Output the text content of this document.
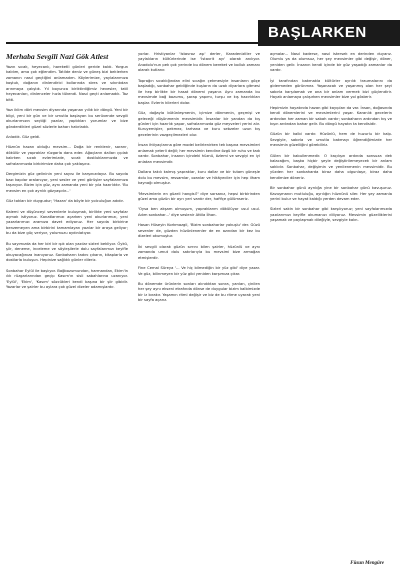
BAŞLARKEN
Merhaba Sevgili Nazi Gök Atlest

Yazın sıcak, heyecanlı, hareketli günleri geride kaldı. Yorgun kaldım, ama çok eğlendim. Tatilde deniz ve güneş bizi beklerken zamanın nasıl geçtiğini anlamadım. Köylerimize, yaylalarımıza koştuk, doğanın dinlendirici kollarında stres ve sıkıntıdan arınmaya çalıştık. Yıl boyunca biriktirdiğimiz hevesler, tatil heyecanları, dinlenceler hızla tükendi. Nasıl geçti anlamadık. Taz bitti.

Yazı iklim dört mevsim diyarında yaşanan yıllık bir döngü. Yeni bir bilgi, yeni bir gün ve bir umutla başlayan bu serüvende sevgili okurlarımızın seçtiği yazılar, yaptıkları yorumlar ve bize gönderdikleri güzel sözlerle baharı hatırladık.

Anladık. Güz geldi.

Hüznün hazan olduğu mevsim... Doğa bir renklenir, sararır, dökülür ve yapraklar rüzgarla dans eder. Ağaçların dalları çıplak kalırken sıcak evlerimizde, sıcak dostluklarımızda ve sofralarımızda birbirimize daha çok yaklaşırız.

Dergimizin güz gelininin yeni sayısı ile karşınızdayız. Bu sayıda bazı kapılar aralanıyor, yeni sesler ve yeni görüşler sayfalarımıza taşınıyor. Bizim için güz, aynı zamanda yeni bir yıla hazırlıktır. 'Bu mevsim en çok ayrılık gözyaşıdır...'

Güz tokları bir duygudur; 'Hazan' da böyle bir yolculuğun adıdır.

Kalemi ve düşünceyi sevenlerle buluşmak, birlikte yeni sayfalar açmak istiyoruz. Kanatlarımızı açarken yeni okurlarımızı, yeni yazarlarımızı aramıza davet ediyoruz. Her sayıda birbirine benzemeyen ama birbirini tamamlayan yazılar bir araya geliyor; bu da bize güç veriyor, yolumuzu aydınlatıyor.

Bu sayımızda da her biri bir ışık olan yazılar sizleri bekliyor. Öykü, şiir, deneme, inceleme ve söyleşilerle dolu sayfalarımızı keyifle okuyacağınıza inanıyoruz. Sonbaharın tadını çıkarın, kitaplarla ve dostlarla buluşun. Hepinize sağlıklı günler dileriz.

Sonbahar Eylül ile başlıyor. Bağbozumundan, harmandan, Ekim'in ılık rüzgarlarından geçip Kasım'ın sisli sabahlarına uzanıyor. 'Eylül', 'Ekim', 'Kasım' sözcükleri kendi başına bir şiir gibidir. Yazarlar ve şairler bu aylara çok güzel dizeler adamışlardır.

yorlar. Hristiyanlar 'İstavroz aşı' derler, Karadenizliler ve yaylalıların kültürlerinde ise 'İstavrit ayı' olarak anılıyor. Anadolu'nun pek çok yerinde bu dönem bereket ve bolluk zamanı olarak kutlanır.

Toprağın sıcaklığından elini sıcağın çekmesiyle insanların göçe başladığı, sonbahar geldiğinde kuşların da uzak diyarlara gitmesi ile hep birlikte bir hasat dönemi yaşanır. Aynı zamanda bu mevsimde bağ bozumu, şarap yapımı, turşu ve kış hazırlıkları başlar. Evlerin kilerleri dolar.

Güz, doğayla bütünleşmenin, içimize dönmenin, geçmişi ve geleceği düşünmenin mevsimidir. İnsanlar bir yandan da kış günleri için hazırlık yapar, sofralarımızda güz meyveleri yerini alır. Kuruyemişler, pekmez, tarhana ve kuru sebzeler uzun kış gecelerinin vazgeçilmezleri olur.

İnsan ihtiyaçlarına göre model belirlenirken tek başına mevsimleri anlamak yeterli değil; her mevsimin kendine özgü bir ruhu ve tadı vardır. Sonbahar, insanın içindeki hüznü, özlemi ve sevgiyi en iyi anlatan mevsimdir.

Dallara takılı kalmış yapraklar, kuru dallar ve bir tutam güneşle dolu bu mevsim, ressamlar, ozanlar ve hikâyeciler için hep ilham kaynağı olmuştur.

'Mevsimlerin en güzeli hangisi?' diye sorsanız, hepsi birbirinden güzel ama güzün bir ayrı yeri vardır der, hafifçe gülümseriz.

'Oysa ben akşam olmuşum, yapraklarım dökülüyor usul usul. Adım sonbahar...' diye seslenir Attila İlhan.

Hasan Hüseyin Korkmazgil, 'Bizim sonbaharlar yokuşlu' der. Güzü sevenler de, güzden hüzünlenenler de en azından bir kez bu dizeleri okumuştur.

İki sevgili olarak güzün sırrını bilen şairler, hüzünlü ve aynı zamanda umut dolu satırlarıyla bu mevsimi bize armağan etmişlerdir.

Fine Cemal Süreya '... Ve hiç bilmediğin bir yüz gibi' diye yazar. Ve güz, bilinmeyen bir yüz gibi yeniden karşımıza çıkar.

Bu dönemde ürünlerin sonları alındıktan sonra, yarılan, çinilen her şey aynı ekseni etrafında dönse de duygular bizim kalbimizde bir iz bırakır. Yaşamın ritmi değişir ve biz de bu ritme uyarak yeni bir sayfa açarız.

açmalar... Nasıl kaderse, nasıl istersek en derinden duyarız. Olumlu ya da olumsuz, her şey mevsimler gibi değişir, döner, yeniden gelir. İnsanın kendi içinde bir güz yaşadığı zamanlar da vardır.

İyi tarafından bakmakla kültürler ayrılık traumalarını da gidermeden görünmez. Yaşanacak ve yaşanmış olan her şeyi sabırla karşılamak ve ona bir anlam vermek bizi güçlendirir. Hayatı anlamaya çalışırken mevsimler bize yol gösterir.

Hepimizin hayatında hazan gibi kayıpları da var. İnsan, doğasında kendi dönemlerini ve mevsimlerini yaşar. Karanlık gecelerin ardından her zaman bir sabah vardır; sonbaharın ardından kış ve kışın ardından bahar gelir. Bu döngü hayatın ta kendisidir.

Güzün bir kalbi vardır. Hüzünlü, hem de huzurlu bir kalp. Sevgiyle, sabırla ve umutla bakmayı öğrendiğimizde her mevsimin güzelliğini görebiliriz.

Gülen bir kabullenmedir. O kaçılışın ardında sonsuza dek kalacağım, başka hiçbir şeyle değiştirilemeyecek bir anlam saklıdır. Sonbahar, değişimin ve yenilenmenin mevsimidir. Bu yüzden her sonbaharda biraz daha olgunlaşır, biraz daha kendimize döneriz.

Bir sonbahar günü ayrılığa yine bir sonbahar günü kavuşuruz. Kavuşmanın mutluluğu, ayrılığın hüznünü siler. Her şey zamanla yerini bulur ve hayat kaldığı yerden devam eder.

Sizleri sakin bir sonbahar gibi karşılıyoruz; yeni sayfalarımızda yazılarımızı keyifle okumanızı diliyoruz. Mevsimin güzelliklerini yaşamak ve paylaşmak dileğiyle, sevgiyle kalın.

Füsun Mengüre
